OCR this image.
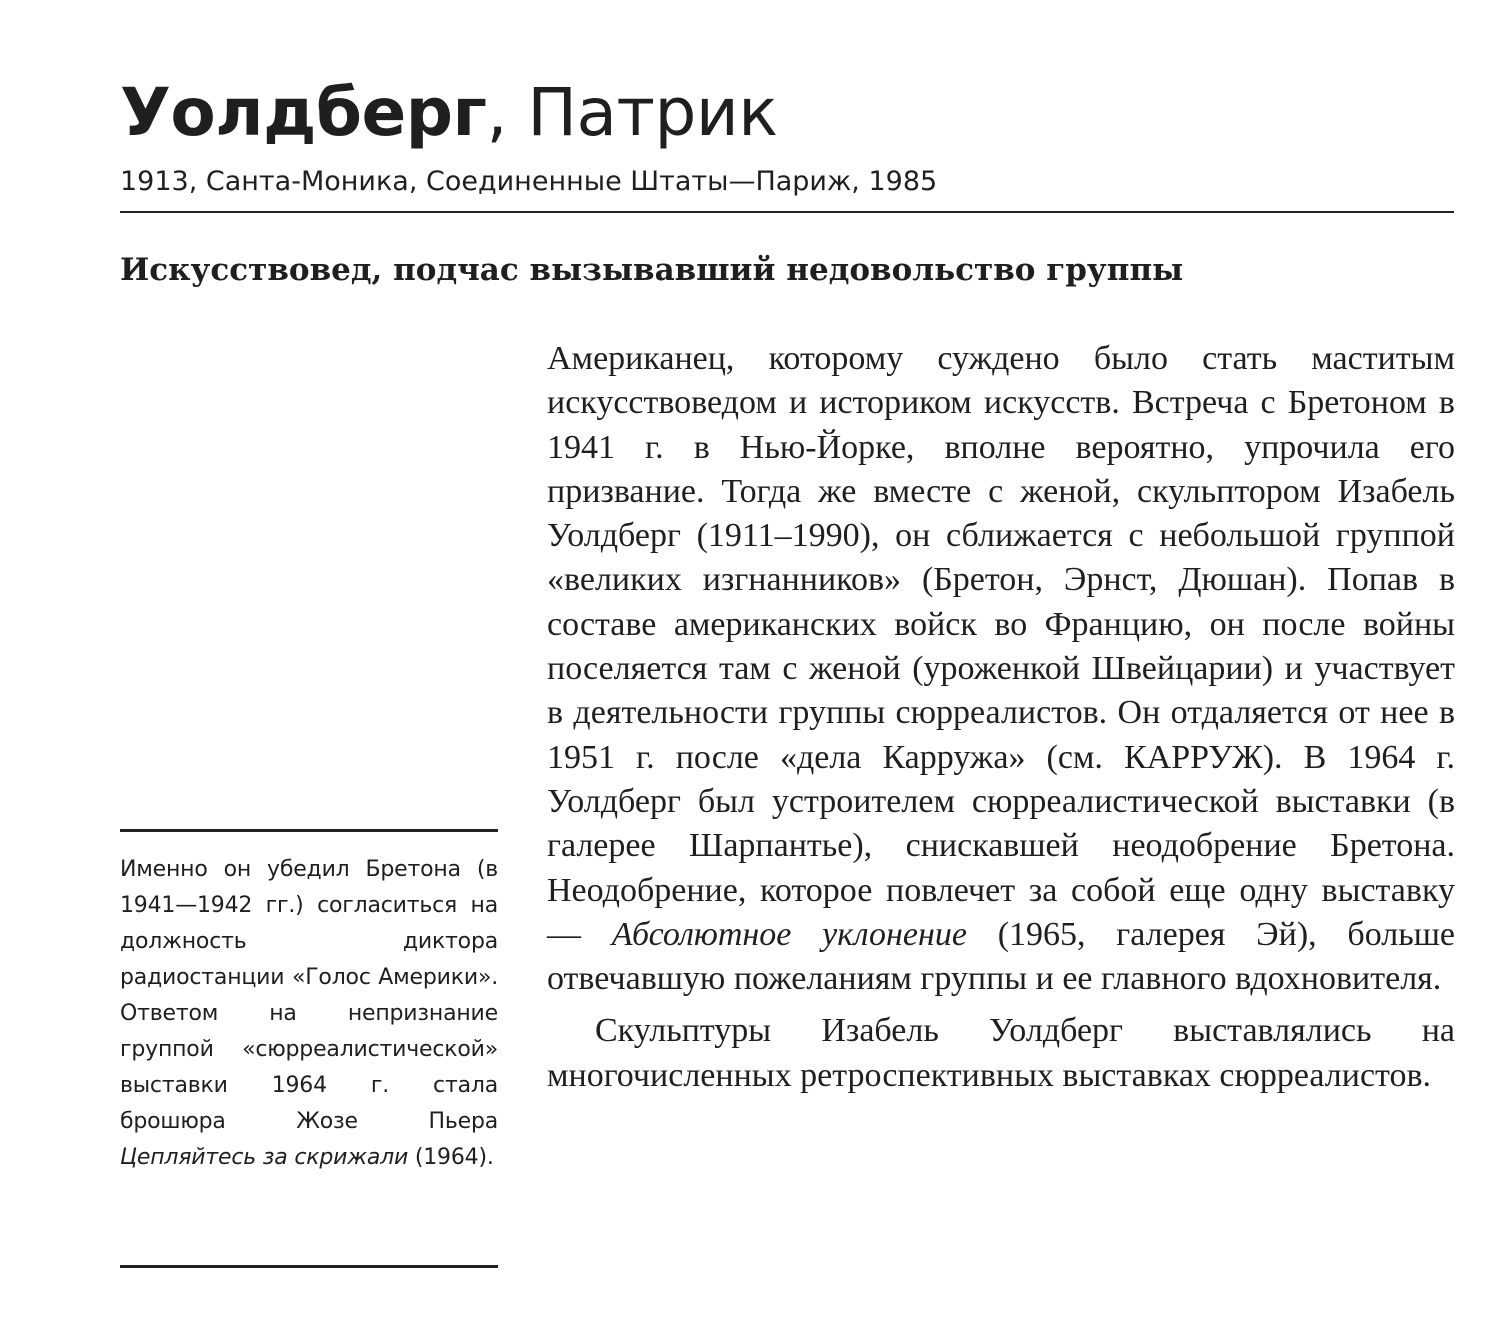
Уолдберг, Патрик
1913, Санта-Моника, Соединенные Штаты—Париж, 1985
Искусствовед, подчас вызывавший недовольство группы

Именно он убедил Бретона (в 1941—1942 гг.) согласиться на должность диктора радиостанции «Голос Америки». Ответом на непризнание группой «сюрреалистической» выставки 1964 г. стала брошюра Жозе Пьера Цепляйтесь за скрижали (1964).

Американец, которому суждено было стать маститым искусствоведом и историком искусств. Встреча с Бретоном в 1941 г. в Нью-Йорке, вполне вероятно, упрочила его призвание. Тогда же вместе с женой, скульптором Изабель Уолдберг (1911–1990), он сближается с небольшой группой «великих изгнанников» (Бретон, Эрнст, Дюшан). Попав в составе американских войск во Францию, он после войны поселяется там с женой (уроженкой Швейцарии) и участвует в деятельности группы сюрреалистов. Он отдаляется от нее в 1951 г. после «дела Карружа» (см. КАРРУЖ). В 1964 г. Уолдберг был устроителем сюрреалистической выставки (в галерее Шарпантье), снискавшей неодобрение Бретона. Неодобрение, которое повлечет за собой еще одну выставку — Абсолютное уклонение (1965, галерея Эй), больше отвечавшую пожеланиям группы и ее главного вдохновителя.

Скульптуры Изабель Уолдберг выставлялись на многочисленных ретроспективных выставках сюрреалистов.
